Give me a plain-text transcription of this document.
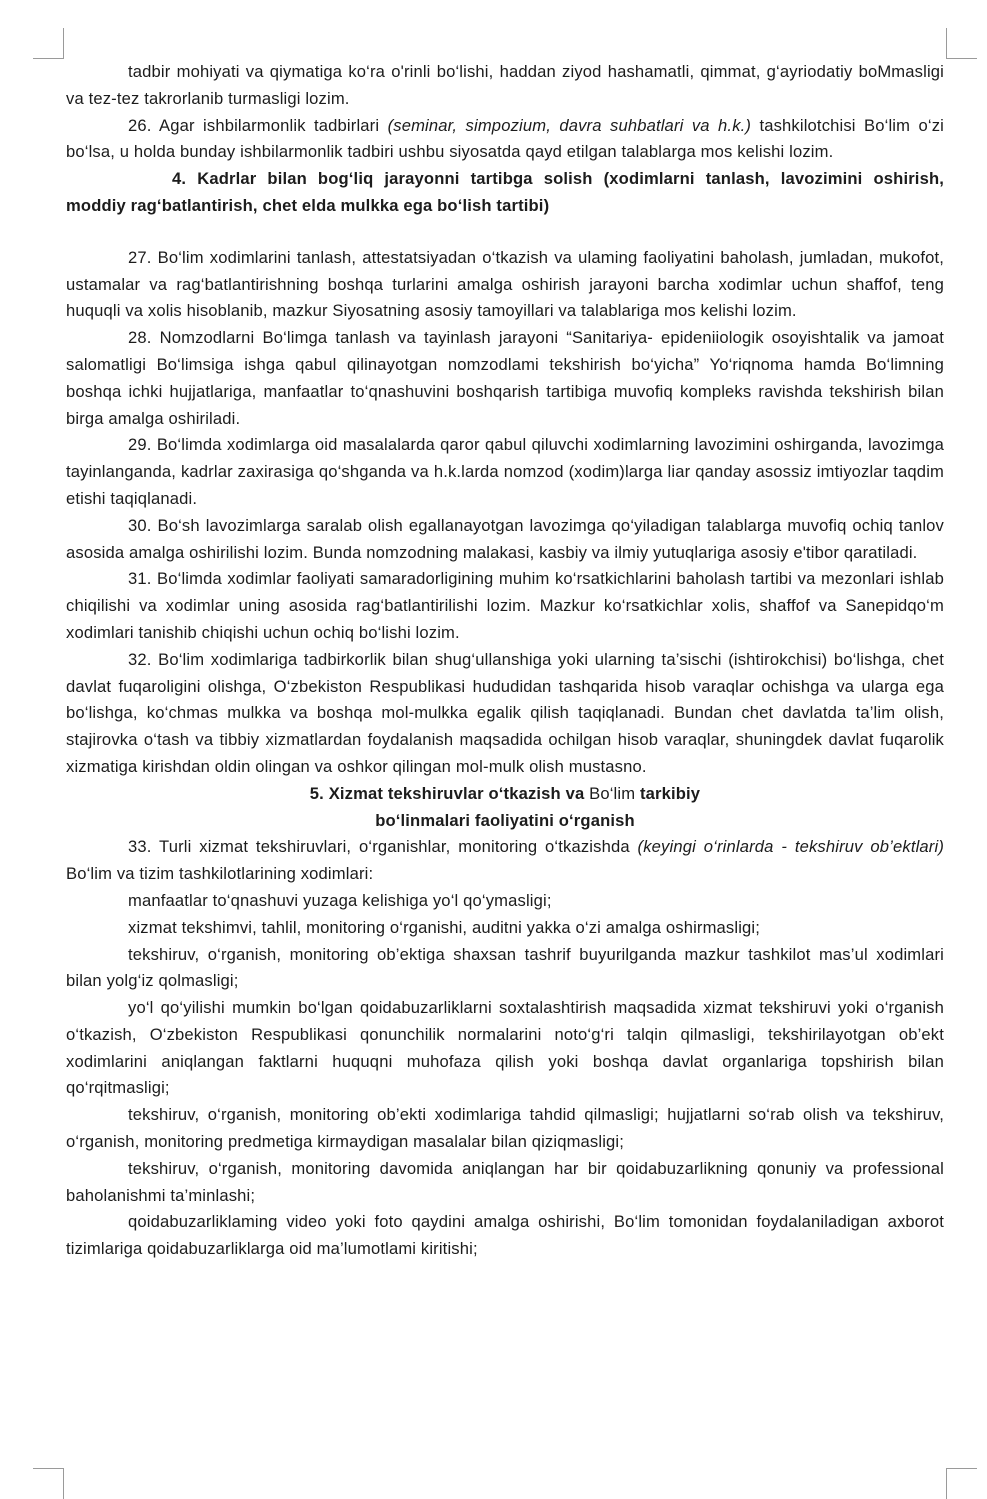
tadbir mohiyati va qiymatiga ko‘ra o'rinli bo‘lishi, haddan ziyod hashamatli, qimmat, g‘ayriodatiy boMmasligi va tez-tez takrorlanib turmasligi lozim.

26. Agar ishbilarmonlik tadbirlari (seminar, simpozium, davra suhbatlari va h.k.) tashkilotchisi Bo‘lim o‘zi bo‘lsa, u holda bunday ishbilarmonlik tadbiri ushbu siyosatda qayd etilgan talablarga mos kelishi lozim.

4. Kadrlar bilan bog‘liq jarayonni tartibga solish (xodimlarni tanlash, lavozimini oshirish, moddiy rag‘batlantirish, chet elda mulkka ega bo‘lish tartibi)

27. Bo‘lim xodimlarini tanlash, attestatsiyadan o‘tkazish va ulaming faoliyatini baholash, jumladan, mukofot, ustamalar va rag‘batlantirishning boshqa turlarini amalga oshirish jarayoni barcha xodimlar uchun shaffof, teng huquqli va xolis hisoblanib, mazkur Siyosatning asosiy tamoyillari va talablariga mos kelishi lozim.

28. Nomzodlarni Bo‘limga tanlash va tayinlash jarayoni “Sanitariya- epideniiologik osoyishtalik va jamoat salomatligi Bo‘limsiga ishga qabul qilinayotgan nomzodlami tekshirish bo‘yicha” Yo‘riqnoma hamda Bo‘limning boshqa ichki hujjatlariga, manfaatlar to‘qnashuvini boshqarish tartibiga muvofiq kompleks ravishda tekshirish bilan birga amalga oshiriladi.

29. Bo‘limda xodimlarga oid masalalarda qaror qabul qiluvchi xodimlarning lavozimini oshirganda, lavozimga tayinlanganda, kadrlar zaxirasiga qo‘shganda va h.k.larda nomzod (xodim)larga liar qanday asossiz imtiyozlar taqdim etishi taqiqlanadi.

30. Bo‘sh lavozimlarga saralab olish egallanayotgan lavozimga qo‘yiladigan talablarga muvofiq ochiq tanlov asosida amalga oshirilishi lozim. Bunda nomzodning malakasi, kasbiy va ilmiy yutuqlariga asosiy e'tibor qaratiladi.

31. Bo‘limda xodimlar faoliyati samaradorligining muhim ko‘rsatkichlarini baholash tartibi va mezonlari ishlab chiqilishi va xodimlar uning asosida rag‘batlantirilishi lozim. Mazkur ko‘rsatkichlar xolis, shaffof va Sanepidqo‘m xodimlari tanishib chiqishi uchun ochiq bo‘lishi lozim.

32. Bo‘lim xodimlariga tadbirkorlik bilan shug‘ullanshiga yoki ularning ta’sischi (ishtirokchisi) bo‘lishga, chet davlat fuqaroligini olishga, O‘zbekiston Respublikasi hududidan tashqarida hisob varaqlar ochishga va ularga ega bo‘lishga, ko‘chmas mulkka va boshqa mol-mulkka egalik qilish taqiqlanadi. Bundan chet davlatda ta’lim olish, stajirovka o‘tash va tibbiy xizmatlardan foydalanish maqsadida ochilgan hisob varaqlar, shuningdek davlat fuqarolik xizmatiga kirishdan oldin olingan va oshkor qilingan mol-mulk olish mustasno.

5. Xizmat tekshiruvlar o‘tkazish va Bo‘lim tarkibiy

bo‘linmalari faoliyatini o‘rganish

33. Turli xizmat tekshiruvlari, o‘rganishlar, monitoring o‘tkazishda (keyingi o‘rinlarda - tekshiruv ob’ektlari) Bo‘lim va tizim tashkilotlarining xodimlari:

manfaatlar to‘qnashuvi yuzaga kelishiga yo‘l qo‘ymasligi;

xizmat tekshimvi, tahlil, monitoring o‘rganishi, auditni yakka o‘zi amalga oshirmasligi;

tekshiruv, o‘rganish, monitoring ob’ektiga shaxsan tashrif buyurilganda mazkur tashkilot mas’ul xodimlari bilan yolg‘iz qolmasligi;

yo‘l qo‘yilishi mumkin bo‘lgan qoidabuzarliklarni soxtalashtirish maqsadida xizmat tekshiruvi yoki o‘rganish o‘tkazish, O‘zbekiston Respublikasi qonunchilik normalarini noto‘g‘ri talqin qilmasligi, tekshirilayotgan ob’ekt xodimlarini aniqlangan faktlarni huquqni muhofaza qilish yoki boshqa davlat organlariga topshirish bilan qo‘rqitmasligi;

tekshiruv, o‘rganish, monitoring ob’ekti xodimlariga tahdid qilmasligi; hujjatlarni so‘rab olish va tekshiruv, o‘rganish, monitoring predmetiga kirmaydigan masalalar bilan qiziqmasligi;

tekshiruv, o‘rganish, monitoring davomida aniqlangan har bir qoidabuzarlikning qonuniy va professional baholanishmi ta’minlashi;

qoidabuzarliklaming video yoki foto qaydini amalga oshirishi, Bo‘lim tomonidan foydalaniladigan axborot tizimlariga qoidabuzarliklarga oid ma’lumotlami kiritishi;
